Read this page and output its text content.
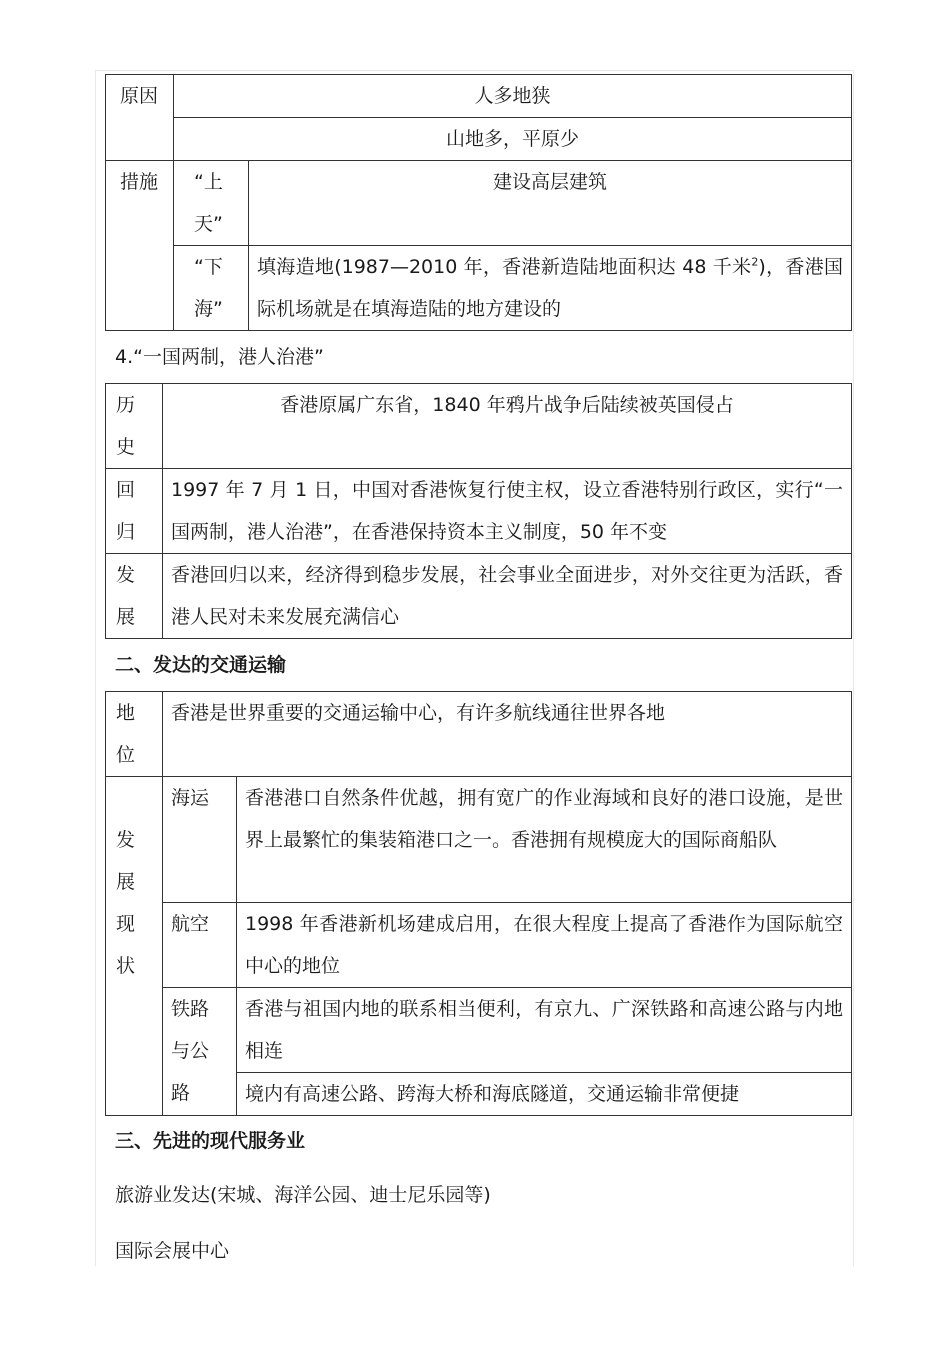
原因	人多地狭	
	山地多，平原少	
措施	“上天”	建设高层建筑
	“下海”	填海造地(1987—2010 年，香港新造陆地面积达 48 千米$^2$)，香港国际机场就是在填海造陆的地方建设的
4.“一国两制，港人治港”
历史	香港原属广东省，1840 年鸦片战争后陆续被英国侵占
回归	1997 年 7 月 1 日，中国对香港恢复行使主权，设立香港特别行政区，实行“一国两制，港人治港”，在香港保持资本主义制度，50 年不变
发展	香港回归以来，经济得到稳步发展，社会事业全面进步，对外交往更为活跃，香港人民对未来发展充满信心
二、发达的交通运输
地位	香港是世界重要的交通运输中心，有许多航线通往世界各地	
发展现状	海运	香港港口自然条件优越，拥有宽广的作业海域和良好的港口设施，是世界上最繁忙的集装箱港口之一。香港拥有规模庞大的国际商船队
	航空	1998 年香港新机场建成启用，在很大程度上提高了香港作为国际航空中心的地位
	铁路与公路	香港与祖国内地的联系相当便利，有京九、广深铁路和高速公路与内地相连
		境内有高速公路、跨海大桥和海底隧道，交通运输非常便捷
三、先进的现代服务业
旅游业发达(宋城、海洋公园、迪士尼乐园等)
国际会展中心
